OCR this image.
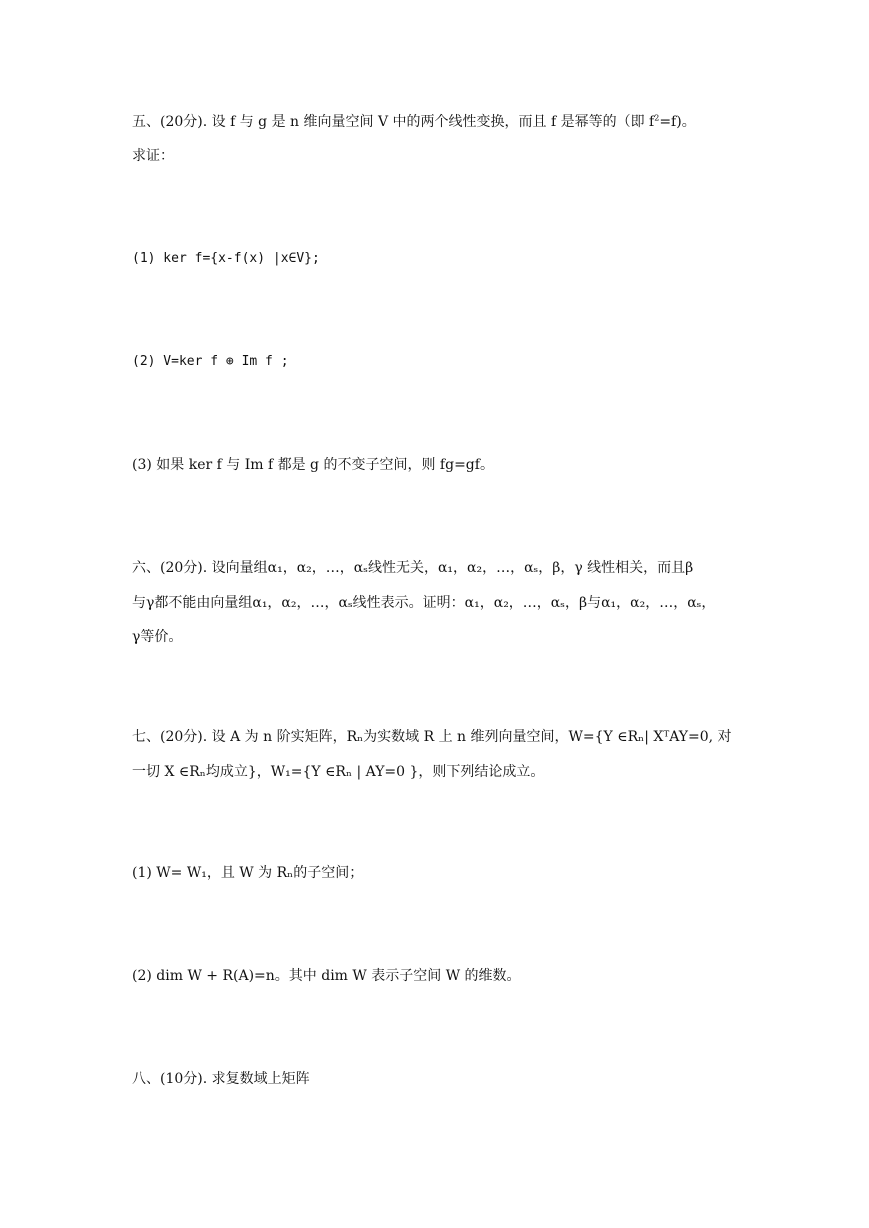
五、(20分). 设 f 与 g 是 n 维向量空间 V 中的两个线性变换，而且 f 是幂等的（即 $f^2=f$)。
求证：
(1) ker f={x-f(x) |x∈V};
(2) V=ker f ⊕ Im f ;
(3) 如果 ker f 与 Im f 都是 g 的不变子空间，则 fg=gf。
六、(20分). 设向量组α₁，α₂，…，αₛ线性无关，α₁，α₂，…，αₛ，β，γ 线性相关，而且β
与γ都不能由向量组α₁，α₂，…，αₛ线性表示。证明：α₁，α₂，…，αₛ，β与α₁，α₂，…，αₛ，
γ等价。
七、(20分). 设 A 为 n 阶实矩阵，Rₙ为实数域 R 上 n 维列向量空间，W={Y ∈Rₙ| XᵀAY=0, 对
一切 X ∈Rₙ均成立}，W₁={Y ∈Rₙ | AY=0 }，则下列结论成立。
(1) W= W₁，且 W 为 Rₙ的子空间；
(2) dim W + R(A)=n。其中 dim W 表示子空间 W 的维数。
八、(10分). 求复数域上矩阵
